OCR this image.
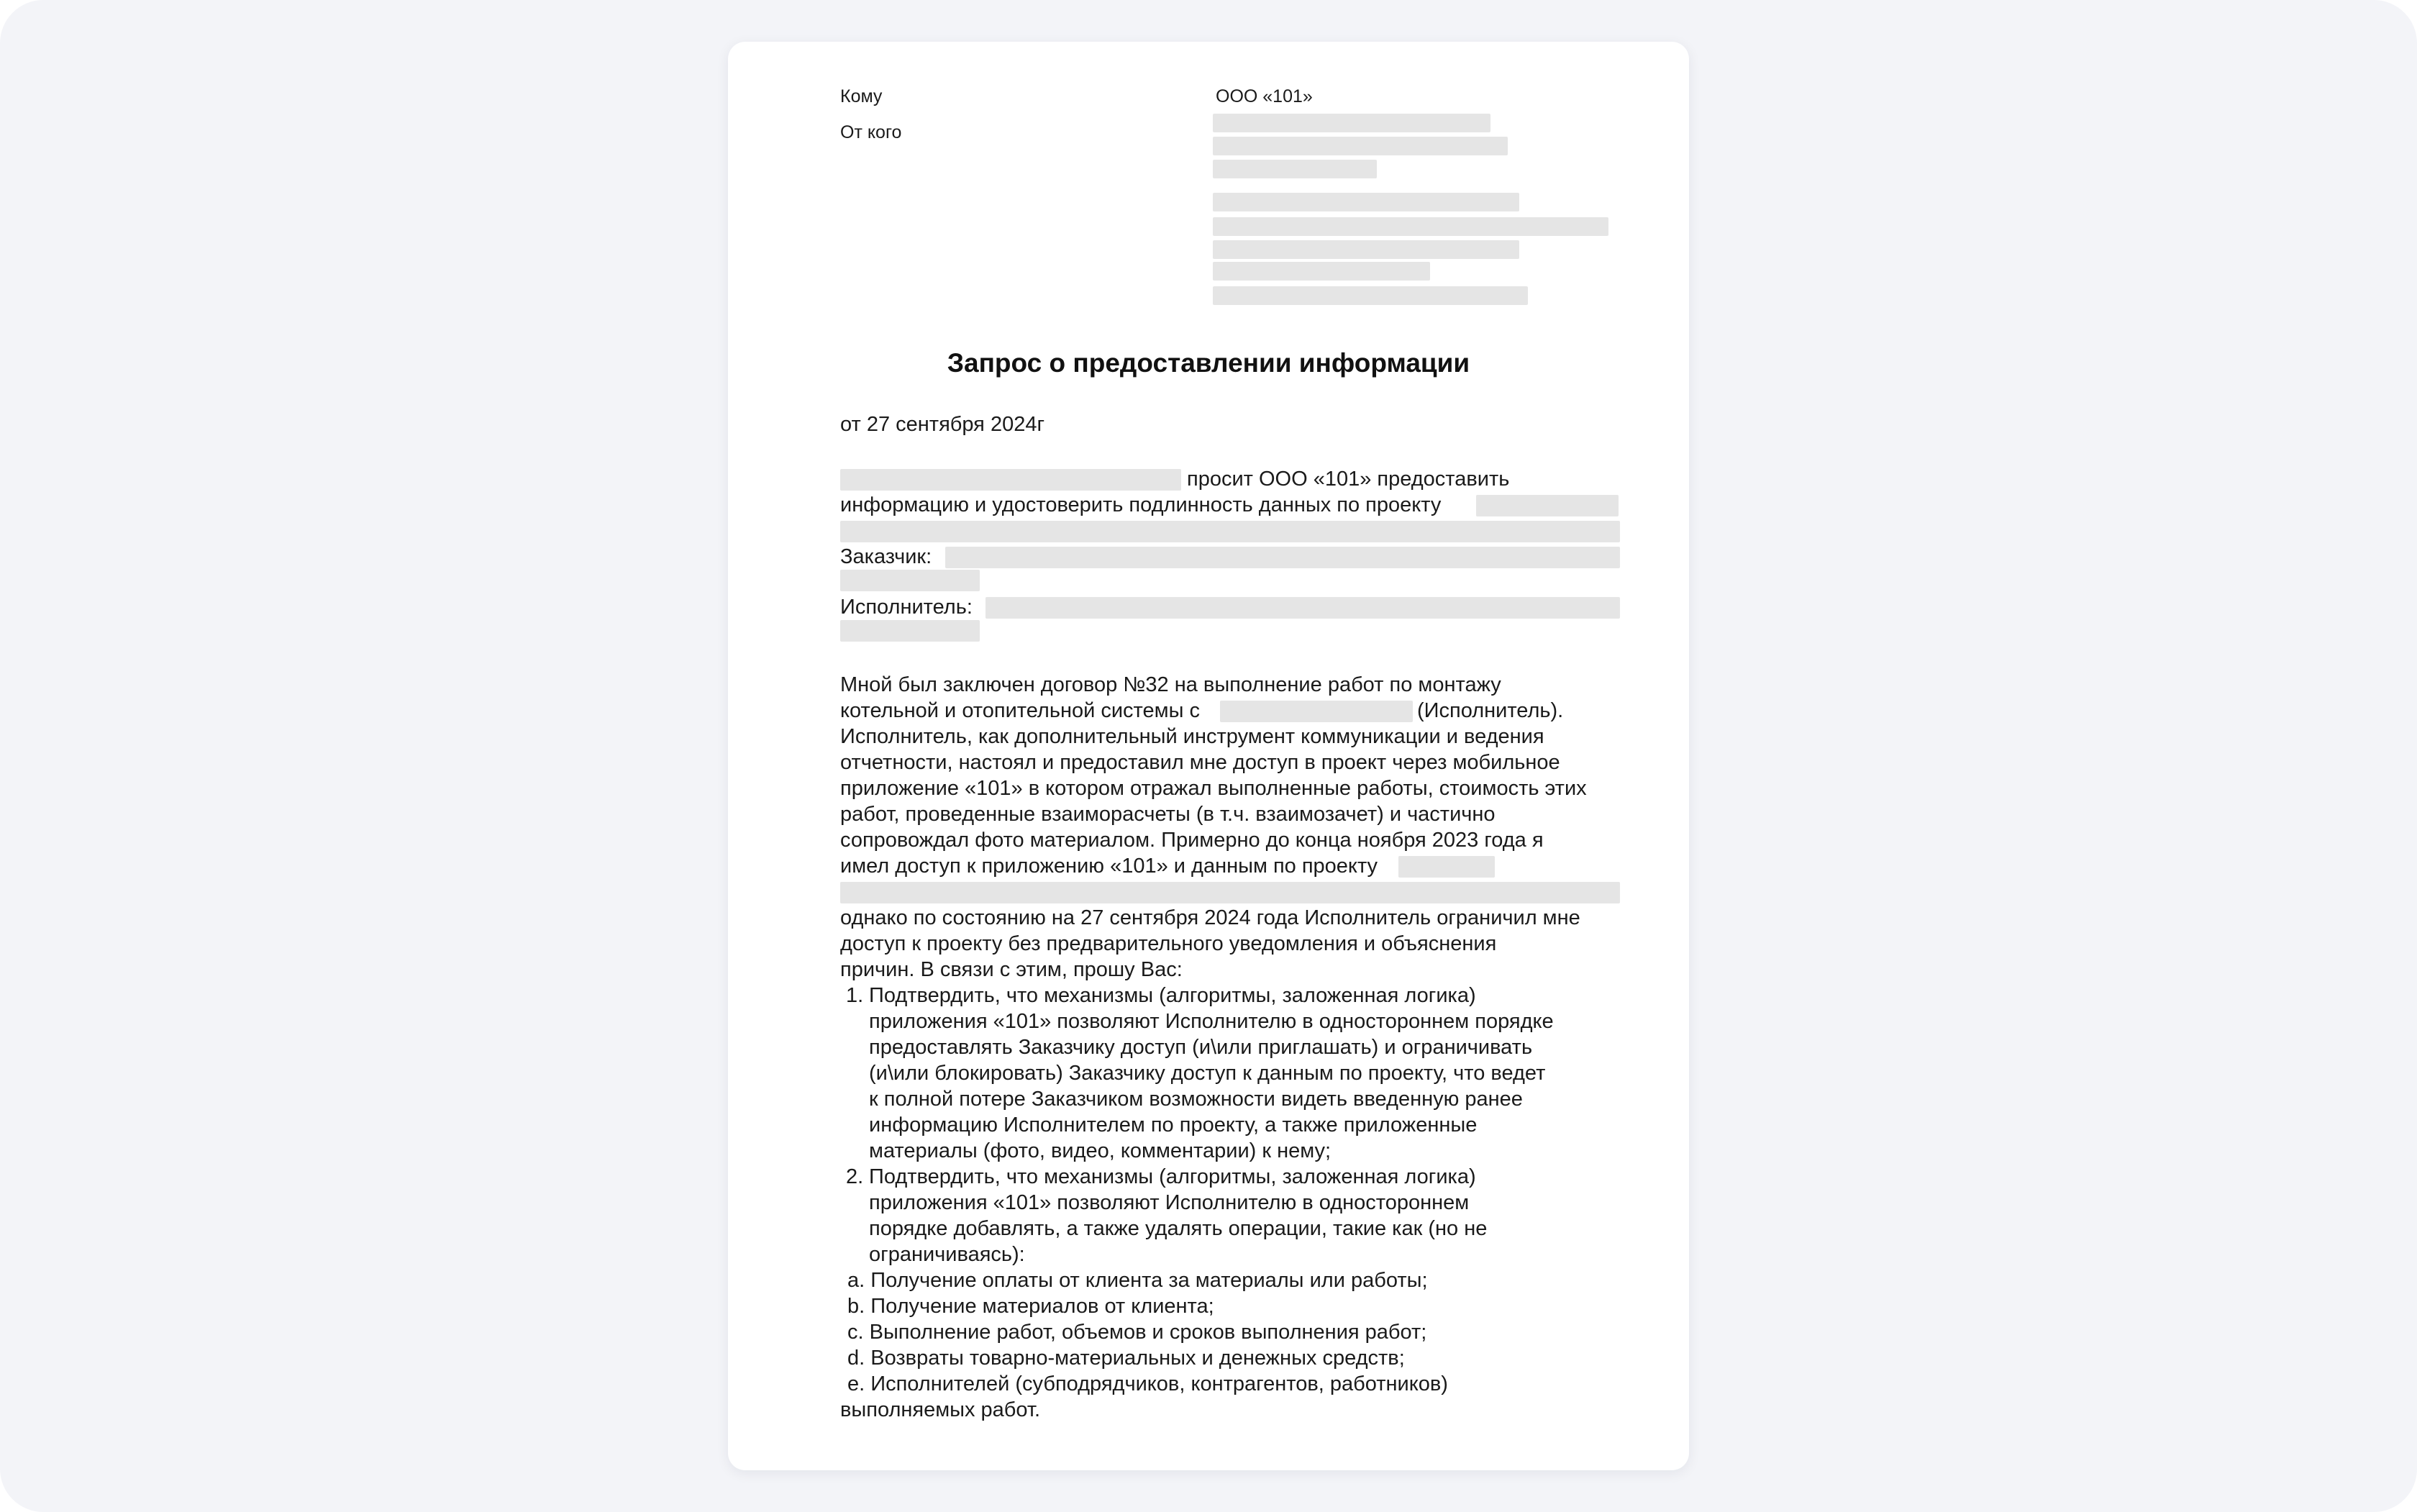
Кому	ООО «101»

От кого

Запрос о предоставлении информации

от 27 сентября 2024г

просит ООО «101» предоставить

информацию и удостоверить подлинность данных по проекту

Заказчик:

Исполнитель:

Мной был заключен договор №32 на выполнение работ по монтажу

котельной и отопительной системы с	(Исполнитель).

Исполнитель, как дополнительный инструмент коммуникации и ведения

отчетности, настоял и предоставил мне доступ в проект через мобильное

приложение «101» в котором отражал выполненные работы, стоимость этих

работ, проведенные взаиморасчеты (в т.ч. взаимозачет) и частично

сопровождал фото материалом. Примерно до конца ноября 2023 года я

имел доступ к приложению «101» и данным по проекту

однако по состоянию на 27 сентября 2024 года Исполнитель ограничил мне

доступ к проекту без предварительного уведомления и объяснения

причин. В связи с этим, прошу Вас:

1. Подтвердить, что механизмы (алгоритмы, заложенная логика)

приложения «101» позволяют Исполнителю в одностороннем порядке

предоставлять Заказчику доступ (и\или приглашать) и ограничивать

(и\или блокировать) Заказчику доступ к данным по проекту, что ведет

к полной потере Заказчиком возможности видеть введенную ранее

информацию Исполнителем по проекту, а также приложенные

материалы (фото, видео, комментарии) к нему;

2. Подтвердить, что механизмы (алгоритмы, заложенная логика)

приложения «101» позволяют Исполнителю в одностороннем

порядке добавлять, а также удалять операции, такие как (но не

ограничиваясь):

a. Получение оплаты от клиента за материалы или работы;

b. Получение материалов от клиента;

c. Выполнение работ, объемов и сроков выполнения работ;

d. Возвраты товарно-материальных и денежных средств;

e. Исполнителей (субподрядчиков, контрагентов, работников)

выполняемых работ.
